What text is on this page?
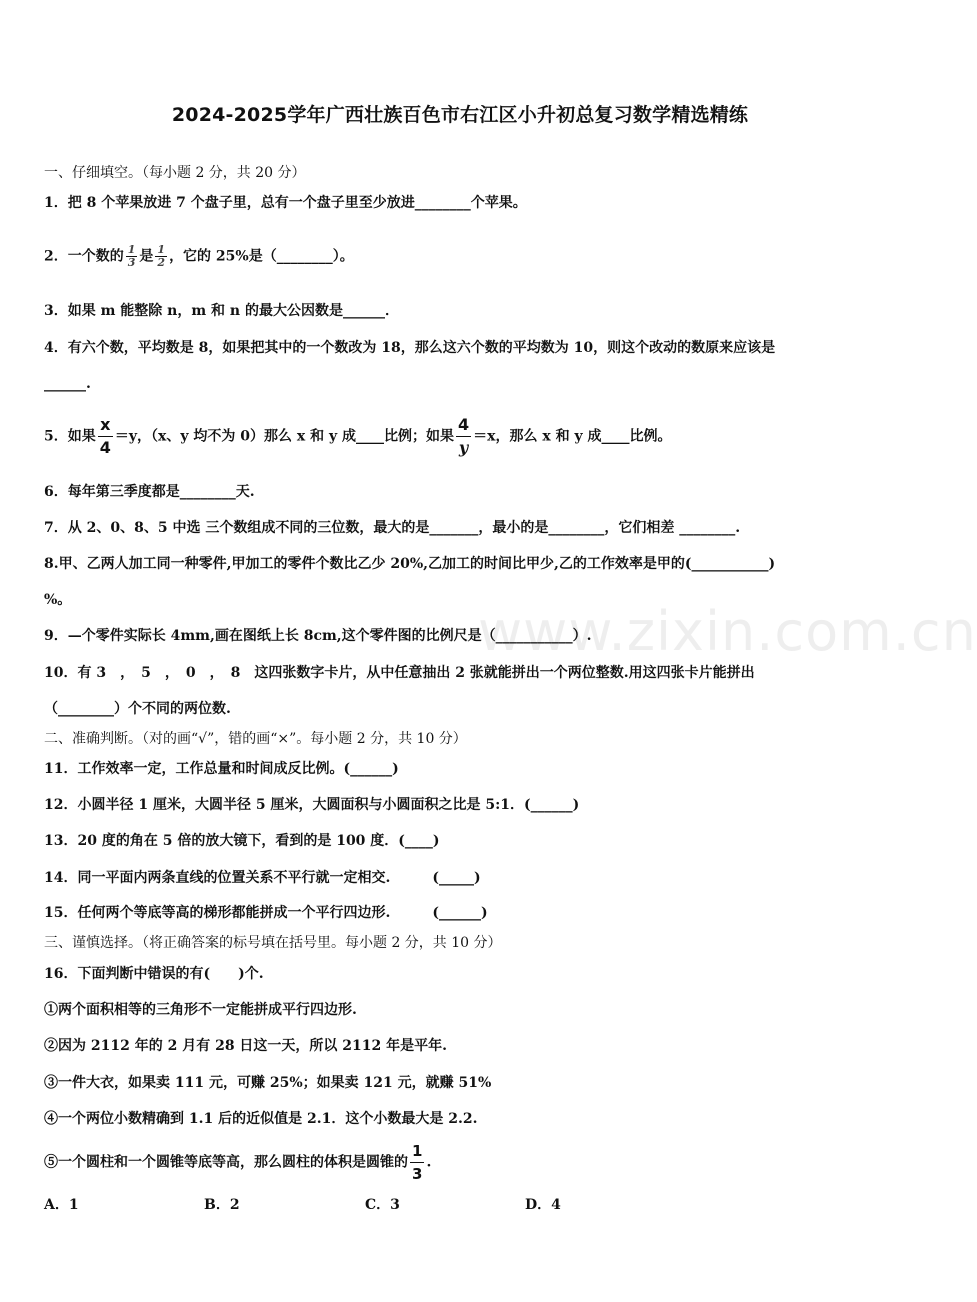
2024-2025学年广西壮族百色市右江区小升初总复习数学精选精练
一、仔细填空。（每小题 2 分，共 20 分）
1．把 8 个苹果放进 7 个盘子里，总有一个盘子里至少放进________个苹果。
2．一个数的 $\frac{1}{3}$ 是 $\frac{1}{2}$ ，它的 25%是（________）。
3．如果 m 能整除 n，m 和 n 的最大公因数是______．
4．有六个数，平均数是 8，如果把其中的一个数改为 18，那么这六个数的平均数为 10，则这个改动的数原来应该是
______.
5．如果 $\frac{x}{4} =y$，（x、y 均不为 0）那么 x 和 y 成____比例；如果 $\frac{4}{y} =x$，那么 x 和 y 成____比例。
6．每年第三季度都是________天.
7．从 2、0、8、5 中选 三个数组成不同的三位数，最大的是_______，最小的是________，它们相差 ________.
8.甲、乙两人加工同一种零件,甲加工的零件个数比乙少 20%,乙加工的时间比甲少,乙的工作效率是甲的(___________)
%。	www.zixin.com.cn
9．—个零件实际长 4mm,画在图纸上长 8cm,这个零件图的比例尺是（___________）.
10．有 3　，　5　，　0　，　8　这四张数字卡片，从中任意抽出 2 张就能拼出一个两位整数.用这四张卡片能拼出
（________）个不同的两位数.
二、准确判断。（对的画“√”，错的画“×”。每小题 2 分，共 10 分）
11．工作效率一定，工作总量和时间成反比例。(______)
12．小圆半径 1 厘米，大圆半径 5 厘米，大圆面积与小圆面积之比是 5:1．(______)
13．20 度的角在 5 倍的放大镜下，看到的是 100 度．(____)
14．同一平面内两条直线的位置关系不平行就一定相交.　　　(_____)
15．任何两个等底等高的梯形都能拼成一个平行四边形.　　　(______)
三、谨慎选择。（将正确答案的标号填在括号里。每小题 2 分，共 10 分）
16．下面判断中错误的有(　　)个.
①两个面积相等的三角形不一定能拼成平行四边形.
②因为 2112 年的 2 月有 28 日这一天，所以 2112 年是平年.
③一件大衣，如果卖 111 元，可赚 25%；如果卖 121 元，就赚 51%
④一个两位小数精确到 1.1 后的近似值是 2.1．这个小数最大是 2.2.
⑤一个圆柱和一个圆锥等底等高，那么圆柱的体积是圆锥的 $\frac{1}{3}$ .
A．1	B．2	C．3	D．4
